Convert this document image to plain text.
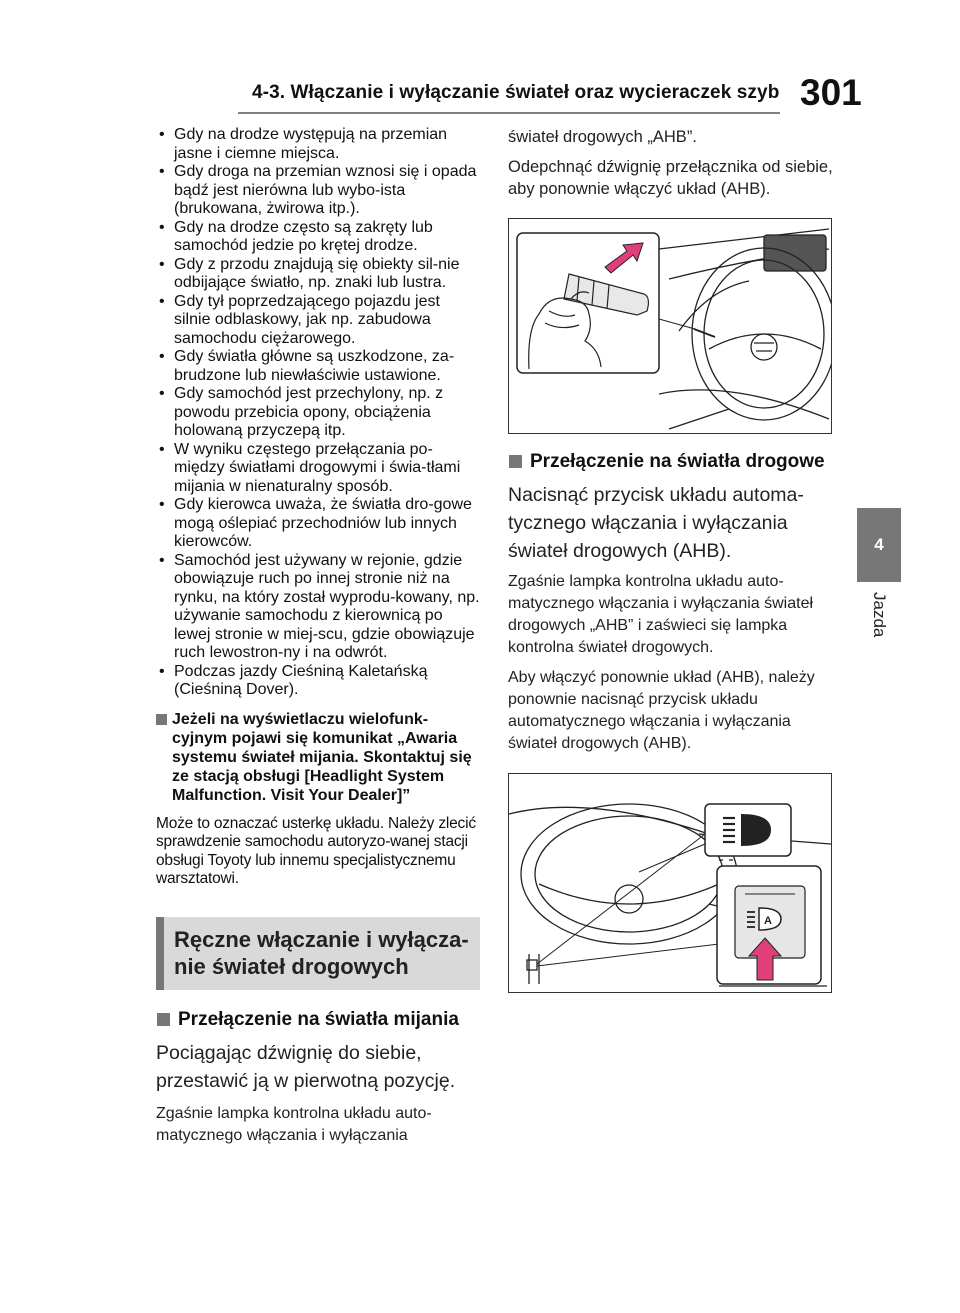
4-3. Włączanie i wyłączanie świateł oraz wycieraczek szyb 301
4
Jazda
• Gdy na drodze występują na przemian jasne i ciemne miejsca.
• Gdy droga na przemian wznosi się i opada bądź jest nierówna lub wybo-ista (brukowana, żwirowa itp.).
• Gdy na drodze często są zakręty lub samochód jedzie po krętej drodze.
• Gdy z przodu znajdują się obiekty sil-nie odbijające światło, np. znaki lub lustra.
• Gdy tył poprzedzającego pojazdu jest silnie odblaskowy, jak np. zabudowa samochodu ciężarowego.
• Gdy światła główne są uszkodzone, za-brudzone lub niewłaściwie ustawione.
• Gdy samochód jest przechylony, np. z powodu przebicia opony, obciążenia holowaną przyczepą itp.
• W wyniku częstego przełączania po-między światłami drogowymi i świa-tłami mijania w nienaturalny sposób.
• Gdy kierowca uważa, że światła dro-gowe mogą oślepiać przechodniów lub innych kierowców.
• Samochód jest używany w rejonie, gdzie obowiązuje ruch po innej stronie niż na rynku, na który został wyprodu-kowany, np. używanie samochodu z kierownicą po lewej stronie w miej-scu, gdzie obowiązuje ruch lewostron-ny i na odwrót.
• Podczas jazdy Cieśniną Kaletańską (Cieśniną Dover).
Jeżeli na wyświetlaczu wielofunk-cyjnym pojawi się komunikat „Awaria systemu świateł mijania. Skontaktuj się ze stacją obsługi [Headlight System Malfunction. Visit Your Dealer]”
Może to oznaczać usterkę układu. Należy zlecić sprawdzenie samochodu autoryzo-wanej stacji obsługi Toyoty lub innemu specjalistycznemu warsztatowi.
Ręczne włączanie i wyłącza-nie świateł drogowych
Przełączenie na światła mijania
Pociągając dźwignię do siebie, przestawić ją w pierwotną pozycję.
Zgaśnie lampka kontrolna układu auto-matycznego włączania i wyłączania
świateł drogowych „AHB”.
Odepchnąć dźwignię przełącznika od siebie, aby ponownie włączyć układ (AHB).

Przełączenie na światła drogowe
Nacisnąć przycisk układu automa-tycznego włączania i wyłączania świateł drogowych (AHB).
Zgaśnie lampka kontrolna układu auto-matycznego włączania i wyłączania świateł drogowych „AHB” i zaświeci się lampka kontrolna świateł drogowych.
Aby włączyć ponownie układ (AHB), należy ponownie nacisnąć przycisk układu automatycznego włączania i wyłączania świateł drogowych (AHB).
A
